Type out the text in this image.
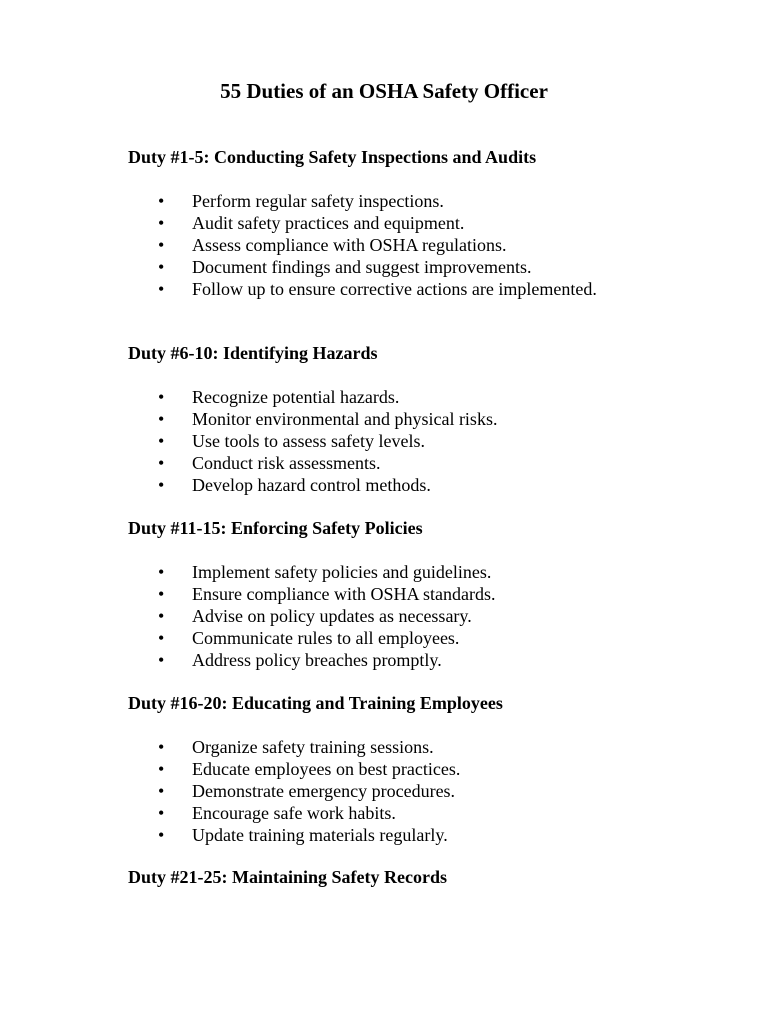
55 Duties of an OSHA Safety Officer
Duty #1-5: Conducting Safety Inspections and Audits
• Perform regular safety inspections.
• Audit safety practices and equipment.
• Assess compliance with OSHA regulations.
• Document findings and suggest improvements.
• Follow up to ensure corrective actions are implemented.
Duty #6-10: Identifying Hazards
• Recognize potential hazards.
• Monitor environmental and physical risks.
• Use tools to assess safety levels.
• Conduct risk assessments.
• Develop hazard control methods.
Duty #11-15: Enforcing Safety Policies
• Implement safety policies and guidelines.
• Ensure compliance with OSHA standards.
• Advise on policy updates as necessary.
• Communicate rules to all employees.
• Address policy breaches promptly.
Duty #16-20: Educating and Training Employees
• Organize safety training sessions.
• Educate employees on best practices.
• Demonstrate emergency procedures.
• Encourage safe work habits.
• Update training materials regularly.
Duty #21-25: Maintaining Safety Records
